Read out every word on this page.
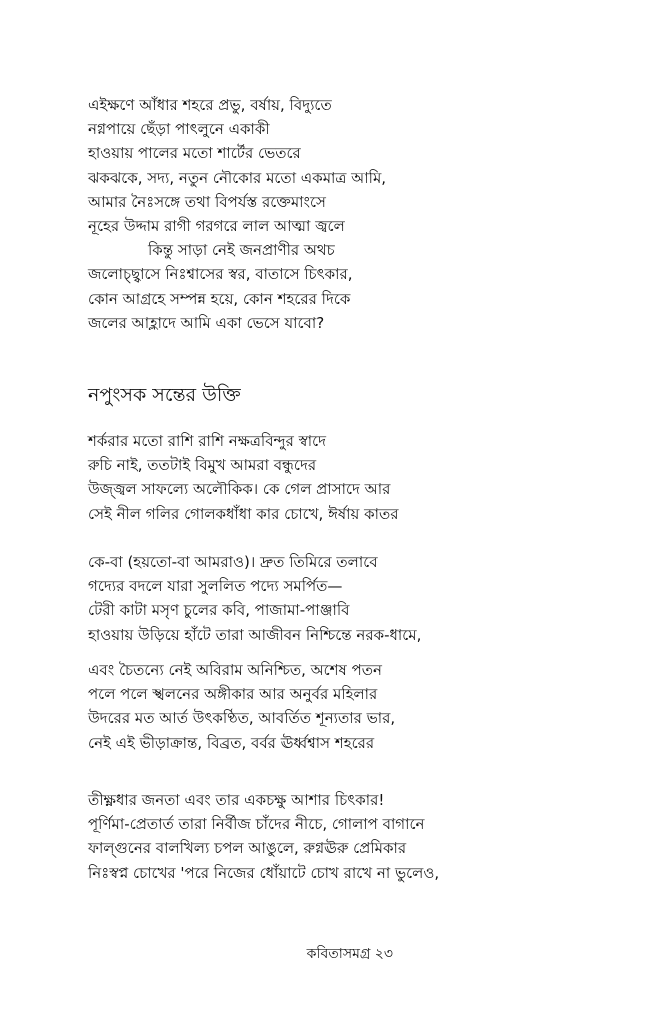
এইক্ষণে আঁধার শহরে প্রভু, বর্ষায়, বিদ্যুতে
নগ্নপায়ে ছেঁড়া পাৎলুনে একাকী
হাওয়ায় পালের মতো শার্টের ভেতরে
ঝকঝকে, সদ্য, নতুন নৌকোর মতো একমাত্র আমি,
আমার নৈঃসঙ্গে তথা বিপর্যস্ত রক্তেমাংসে
নূহের উদ্দাম রাগী গরগরে লাল আত্মা জ্বলে
কিন্তু সাড়া নেই জনপ্রাণীর অথচ
জলোচ্ছ্বাসে নিঃশ্বাসের স্বর, বাতাসে চিৎকার,
কোন আগ্রহে সম্পন্ন হয়ে, কোন শহরের দিকে
জলের আহ্লাদে আমি একা ভেসে যাবো?
নপুংসক সন্তের উক্তি
শর্করার মতো রাশি রাশি নক্ষত্রবিন্দুর স্বাদে
রুচি নাই, ততটাই বিমুখ আমরা বন্ধুদের
উজ্জ্বল সাফল্যে অলৌকিক। কে গেল প্রাসাদে আর
সেই নীল গলির গোলকধাঁধা কার চোখে, ঈর্ষায় কাতর
কে-বা (হয়তো-বা আমরাও)। দ্রুত তিমিরে তলাবে
গদ্যের বদলে যারা সুললিত পদ্যে সমর্পিত—
টেরী কাটা মসৃণ চুলের কবি, পাজামা-পাঞ্জাবি
হাওয়ায় উড়িয়ে হাঁটে তারা আজীবন নিশ্চিন্তে নরক-ধামে,
এবং চৈতন্যে নেই অবিরাম অনিশ্চিত, অশেষ পতন
পলে পলে স্খলনের অঙ্গীকার আর অনুর্বর মহিলার
উদরের মত আর্ত উৎকণ্ঠিত, আবর্তিত শূন্যতার ভার,
নেই এই ভীড়াক্রান্ত, বিব্রত, বর্বর ঊর্ধ্বশ্বাস শহরের
তীক্ষ্ণধার জনতা এবং তার একচক্ষু আশার চিৎকার!
পূর্ণিমা-প্রেতার্ত তারা নির্বীজ চাঁদের নীচে, গোলাপ বাগানে
ফাল্গুনের বালখিল্য চপল আঙুলে, রুগ্নঊরু প্রেমিকার
নিঃস্বপ্ন চোখের 'পরে নিজের ধোঁয়াটে চোখ রাখে না ভুলেও,
কবিতাসমগ্র ২৩
